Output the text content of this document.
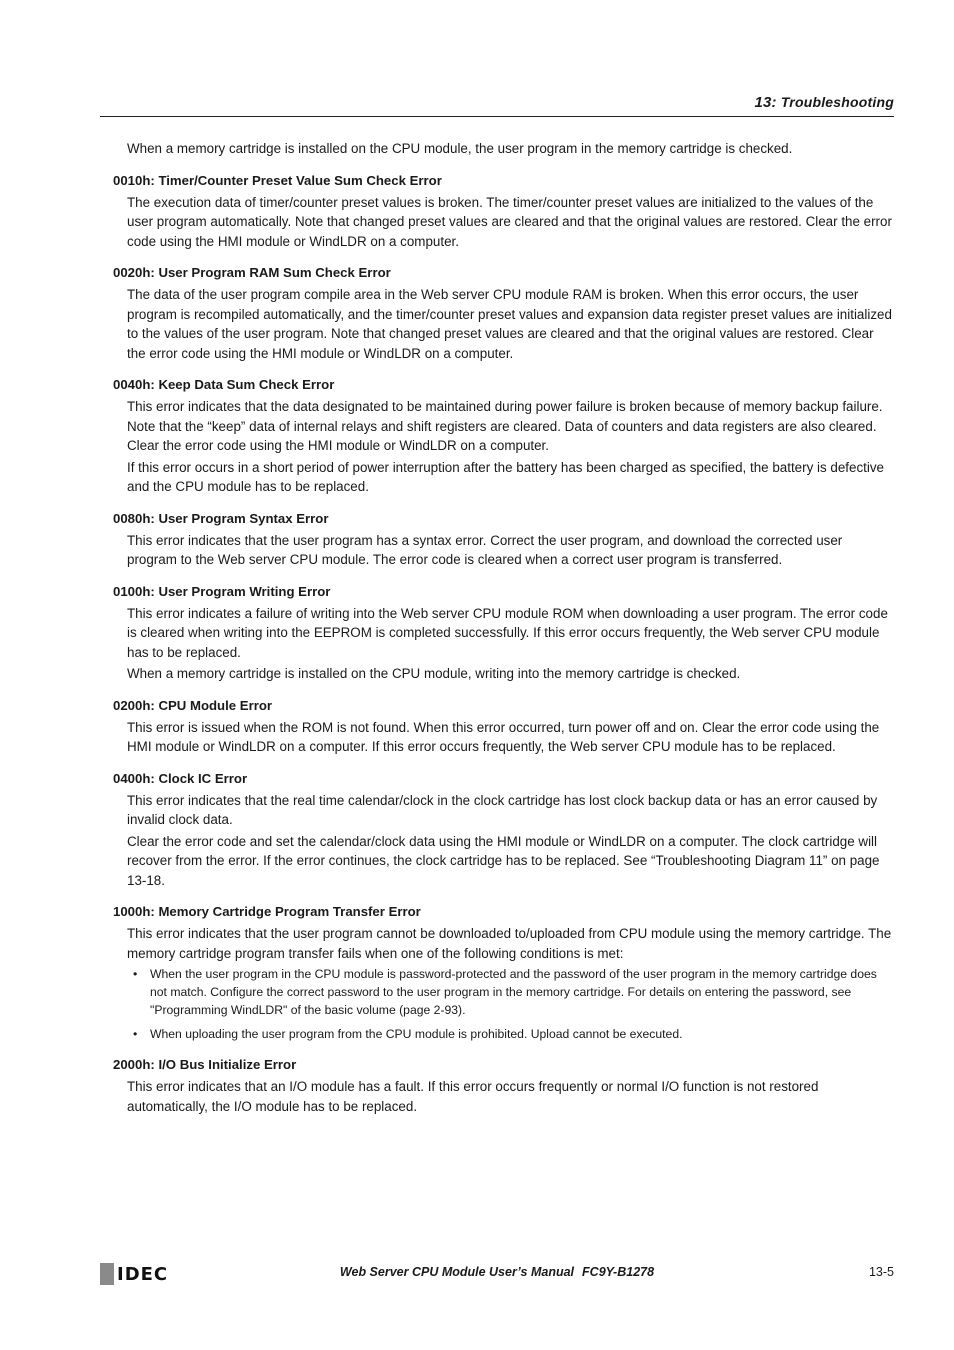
13: Troubleshooting

When a memory cartridge is installed on the CPU module, the user program in the memory cartridge is checked.

0010h: Timer/Counter Preset Value Sum Check Error

The execution data of timer/counter preset values is broken. The timer/counter preset values are initialized to the values of the user program automatically. Note that changed preset values are cleared and that the original values are restored. Clear the error code using the HMI module or WindLDR on a computer.

0020h: User Program RAM Sum Check Error

The data of the user program compile area in the Web server CPU module RAM is broken. When this error occurs, the user program is recompiled automatically, and the timer/counter preset values and expansion data register preset values are initialized to the values of the user program. Note that changed preset values are cleared and that the original values are restored. Clear the error code using the HMI module or WindLDR on a computer.

0040h: Keep Data Sum Check Error

This error indicates that the data designated to be maintained during power failure is broken because of memory backup failure. Note that the “keep” data of internal relays and shift registers are cleared. Data of counters and data registers are also cleared. Clear the error code using the HMI module or WindLDR on a computer.

If this error occurs in a short period of power interruption after the battery has been charged as specified, the battery is defective and the CPU module has to be replaced.

0080h: User Program Syntax Error

This error indicates that the user program has a syntax error. Correct the user program, and download the corrected user program to the Web server CPU module. The error code is cleared when a correct user program is transferred.

0100h: User Program Writing Error

This error indicates a failure of writing into the Web server CPU module ROM when downloading a user program. The error code is cleared when writing into the EEPROM is completed successfully. If this error occurs frequently, the Web server CPU module has to be replaced.

When a memory cartridge is installed on the CPU module, writing into the memory cartridge is checked.

0200h: CPU Module Error

This error is issued when the ROM is not found. When this error occurred, turn power off and on. Clear the error code using the HMI module or WindLDR on a computer. If this error occurs frequently, the Web server CPU module has to be replaced.

0400h: Clock IC Error

This error indicates that the real time calendar/clock in the clock cartridge has lost clock backup data or has an error caused by invalid clock data.

Clear the error code and set the calendar/clock data using the HMI module or WindLDR on a computer. The clock cartridge will recover from the error. If the error continues, the clock cartridge has to be replaced. See “Troubleshooting Diagram 11” on page 13-18.

1000h: Memory Cartridge Program Transfer Error

This error indicates that the user program cannot be downloaded to/uploaded from CPU module using the memory cartridge. The memory cartridge program transfer fails when one of the following conditions is met:

• When the user program in the CPU module is password-protected and the password of the user program in the memory cartridge does not match. Configure the correct password to the user program in the memory cartridge. For details on entering the password, see "Programming WindLDR" of the basic volume (page 2-93).
• When uploading the user program from the CPU module is prohibited. Upload cannot be executed.
2000h: I/O Bus Initialize Error

This error indicates that an I/O module has a fault. If this error occurs frequently or normal I/O function is not restored automatically, the I/O module has to be replaced.

IDEC	Web Server CPU Module User’s Manual FC9Y-B1278	13-5
